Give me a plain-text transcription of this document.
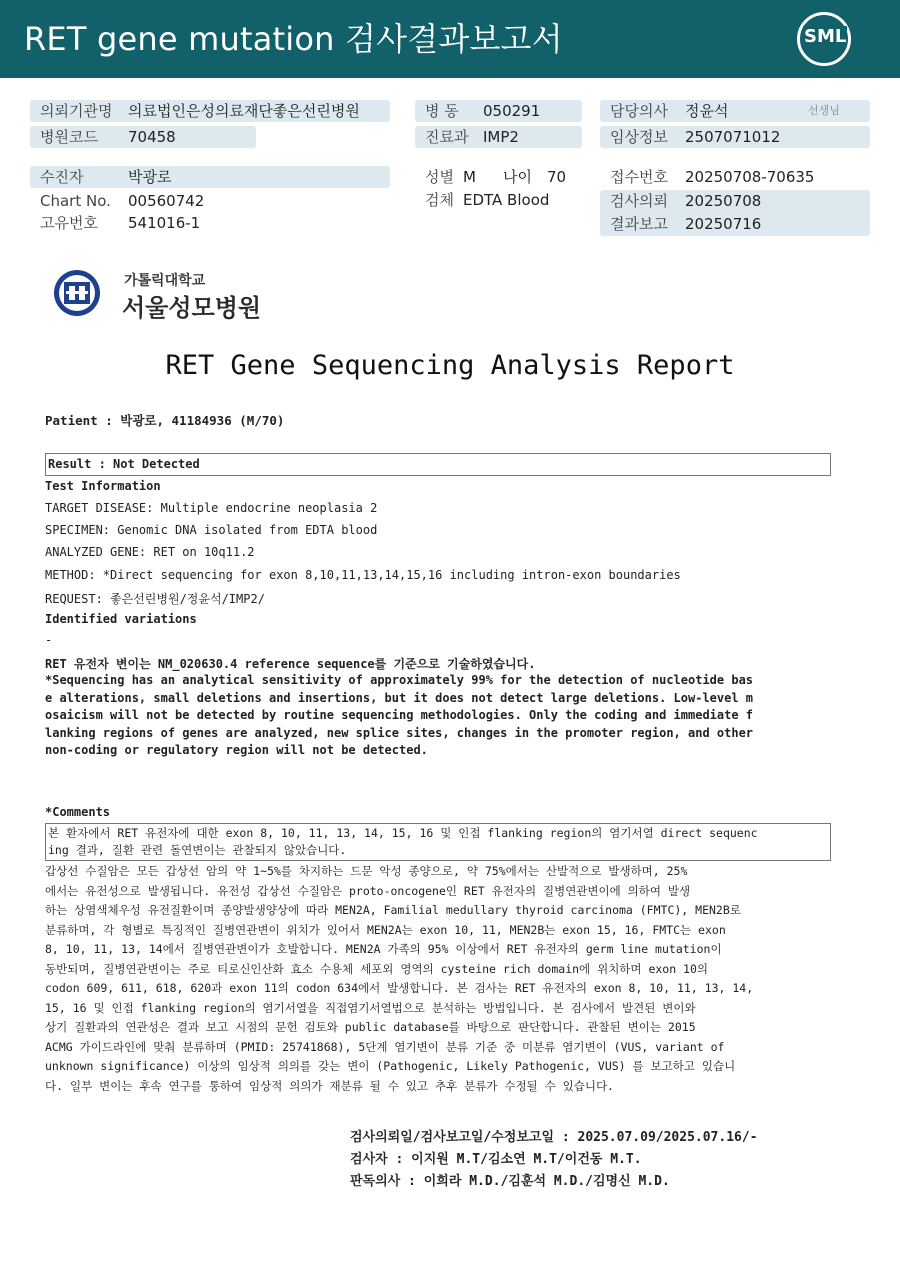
RET gene mutation 검사결과보고서	SML
의뢰기관명 의료법인은성의료재단좋은선린병원
병원코드 70458
병 동 050291
진료과 IMP2
담당의사 정윤석	선생님
임상정보 2507071012
수진자	박광로
Chart No. 00560742
고유번호 541016-1
성별 M 나이 70
검체 EDTA Blood
접수번호 20250708-70635
검사의뢰 20250708
결과보고 20250716
가톨릭대학교
서울성모병원
RET Gene Sequencing Analysis Report
Patient : 박광로, 41184936 (M/70)
Result : Not Detected
Test Information
TARGET DISEASE: Multiple endocrine neoplasia 2
SPECIMEN: Genomic DNA isolated from EDTA blood
ANALYZED GENE: RET on 10q11.2
METHOD: *Direct sequencing for exon 8,10,11,13,14,15,16 including intron-exon boundaries
REQUEST: 좋은선린병원/정윤석/IMP2/
Identified variations
-
RET 유전자 변이는 NM_020630.4 reference sequence를 기준으로 기술하였습니다.
*Sequencing has an analytical sensitivity of approximately 99% for the detection of nucleotide bas
e alterations, small deletions and insertions, but it does not detect large deletions. Low-level m
osaicism will not be detected by routine sequencing methodologies. Only the coding and immediate f
lanking regions of genes are analyzed, new splice sites, changes in the promoter region, and other
non-coding or regulatory region will not be detected.
*Comments
본 환자에서 RET 유전자에 대한 exon 8, 10, 11, 13, 14, 15, 16 및 인접 flanking region의 염기서열 direct sequenc
ing 결과, 질환 관련 돌연변이는 관찰되지 않았습니다.
갑상선 수질암은 모든 갑상선 암의 약 1~5%를 차지하는 드문 악성 종양으로, 약 75%에서는 산발적으로 발생하며, 25%
에서는 유전성으로 발생됩니다. 유전성 갑상선 수질암은 proto-oncogene인 RET 유전자의 질병연관변이에 의하여 발생
하는 상염색체우성 유전질환이며 종양발생양상에 따라 MEN2A, Familial medullary thyroid carcinoma (FMTC), MEN2B로
분류하며, 각 형별로 특징적인 질병연관변이 위치가 있어서 MEN2A는 exon 10, 11, MEN2B는 exon 15, 16, FMTC는 exon
8, 10, 11, 13, 14에서 질병연관변이가 호발합니다. MEN2A 가족의 95% 이상에서 RET 유전자의 germ line mutation이
동반되며, 질병연관변이는 주로 티로신인산화 효소 수용체 세포외 영역의 cysteine rich domain에 위치하며 exon 10의
codon 609, 611, 618, 620과 exon 11의 codon 634에서 발생합니다. 본 검사는 RET 유전자의 exon 8, 10, 11, 13, 14,
15, 16 및 인접 flanking region의 염기서열을 직접염기서열법으로 분석하는 방법입니다. 본 검사에서 발견된 변이와
상기 질환과의 연관성은 결과 보고 시점의 문헌 검토와 public database를 바탕으로 판단합니다. 관찰된 변이는 2015
ACMG 가이드라인에 맞춰 분류하며 (PMID: 25741868), 5단계 염기변이 분류 기준 중 미분류 염기변이 (VUS, variant of
unknown significance) 이상의 임상적 의의를 갖는 변이 (Pathogenic, Likely Pathogenic, VUS) 를 보고하고 있습니
다. 일부 변이는 후속 연구를 통하여 임상적 의의가 재분류 될 수 있고 추후 분류가 수정될 수 있습니다.
검사의뢰일/검사보고일/수정보고일 : 2025.07.09/2025.07.16/-
검사자 : 이지원 M.T/김소연 M.T/이건동 M.T.
판독의사 : 이희라 M.D./김훈석 M.D./김명신 M.D.
